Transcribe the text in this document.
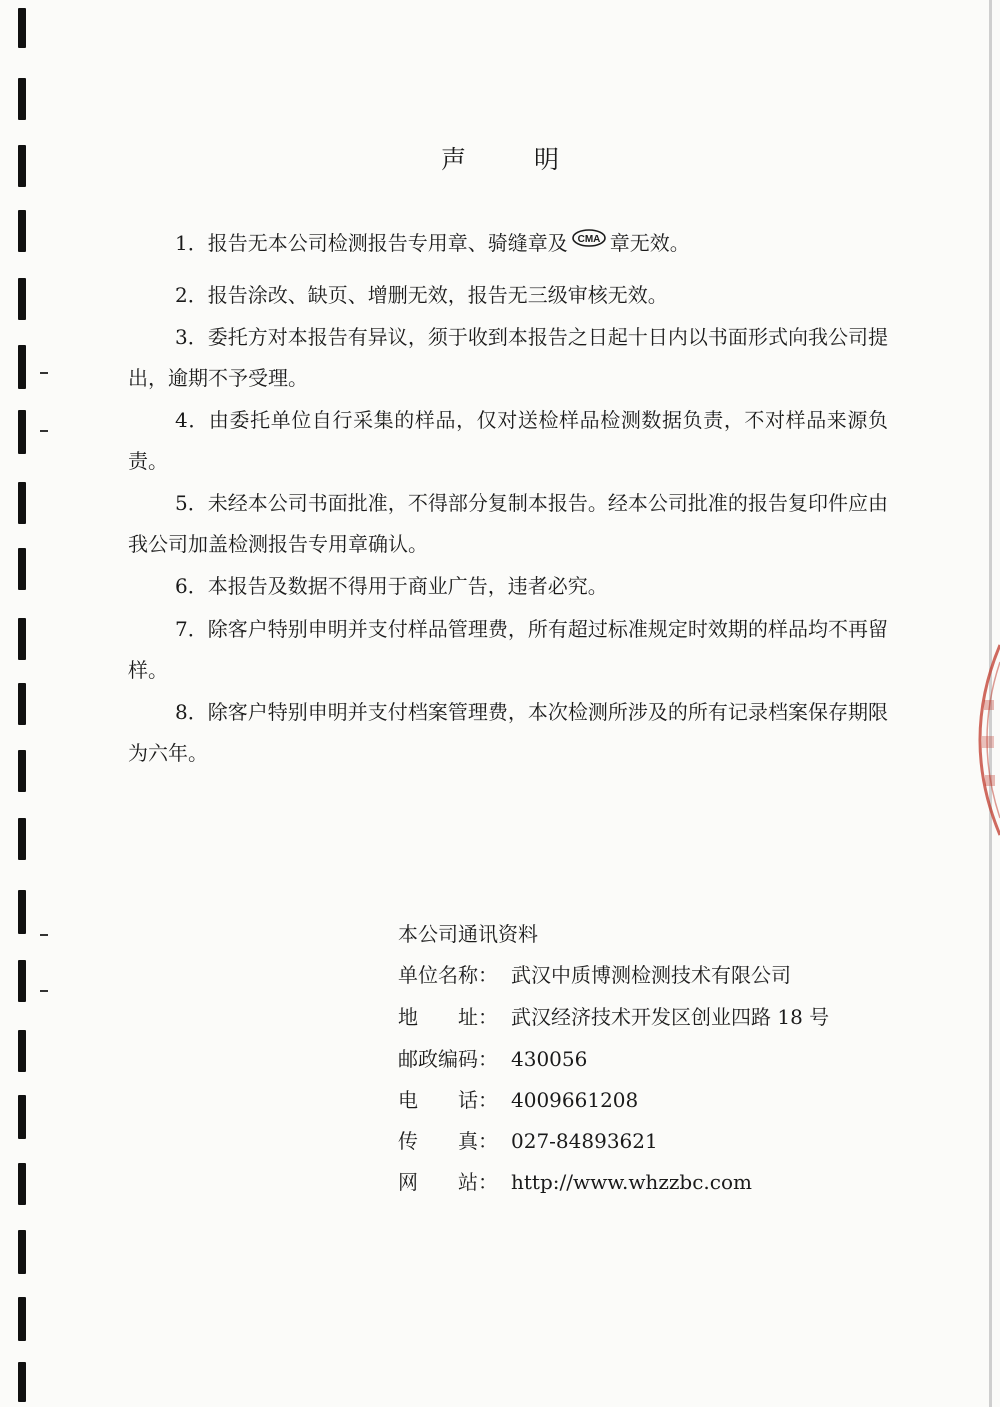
声 明
1．报告无本公司检测报告专用章、骑缝章及 CMA 章无效。
2．报告涂改、缺页、增删无效，报告无三级审核无效。
3．委托方对本报告有异议，须于收到本报告之日起十日内以书面形式向我公司提出，逾期不予受理。
4．由委托单位自行采集的样品，仅对送检样品检测数据负责，不对样品来源负责。
5．未经本公司书面批准，不得部分复制本报告。经本公司批准的报告复印件应由我公司加盖检测报告专用章确认。
6．本报告及数据不得用于商业广告，违者必究。
7．除客户特别申明并支付样品管理费，所有超过标准规定时效期的样品均不再留样。
8．除客户特别申明并支付档案管理费，本次检测所涉及的所有记录档案保存期限为六年。
本公司通讯资料
单位名称： 武汉中质博测检测技术有限公司
地　　址： 武汉经济技术开发区创业四路 18 号
邮政编码： 430056
电　　话： 4009661208
传　　真： 027-84893621
网　　站： http://www.whzzbc.com
